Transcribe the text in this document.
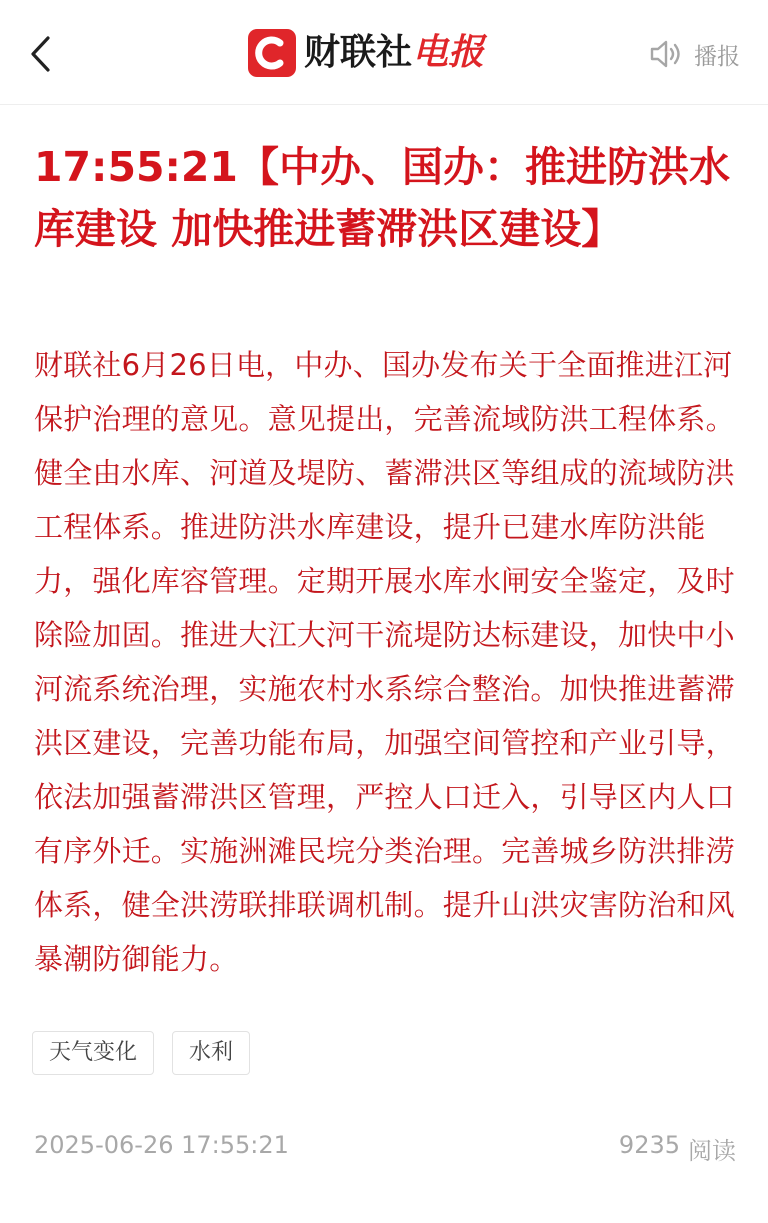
财联社 电报	播报
17:55:21【中办、国办：推进防洪水库建设 加快推进蓄滞洪区建设】

财联社6月26日电，中办、国办发布关于全面推进江河保护治理的意见。意见提出，完善流域防洪工程体系。健全由水库、河道及堤防、蓄滞洪区等组成的流域防洪工程体系。推进防洪水库建设，提升已建水库防洪能力，强化库容管理。定期开展水库水闸安全鉴定，及时除险加固。推进大江大河干流堤防达标建设，加快中小河流系统治理，实施农村水系综合整治。加快推进蓄滞洪区建设，完善功能布局，加强空间管控和产业引导，依法加强蓄滞洪区管理，严控人口迁入，引导区内人口有序外迁。实施洲滩民垸分类治理。完善城乡防洪排涝体系，健全洪涝联排联调机制。提升山洪灾害防治和风暴潮防御能力。

天气变化	水利
2025-06-26 17:55:21	9235 阅读
